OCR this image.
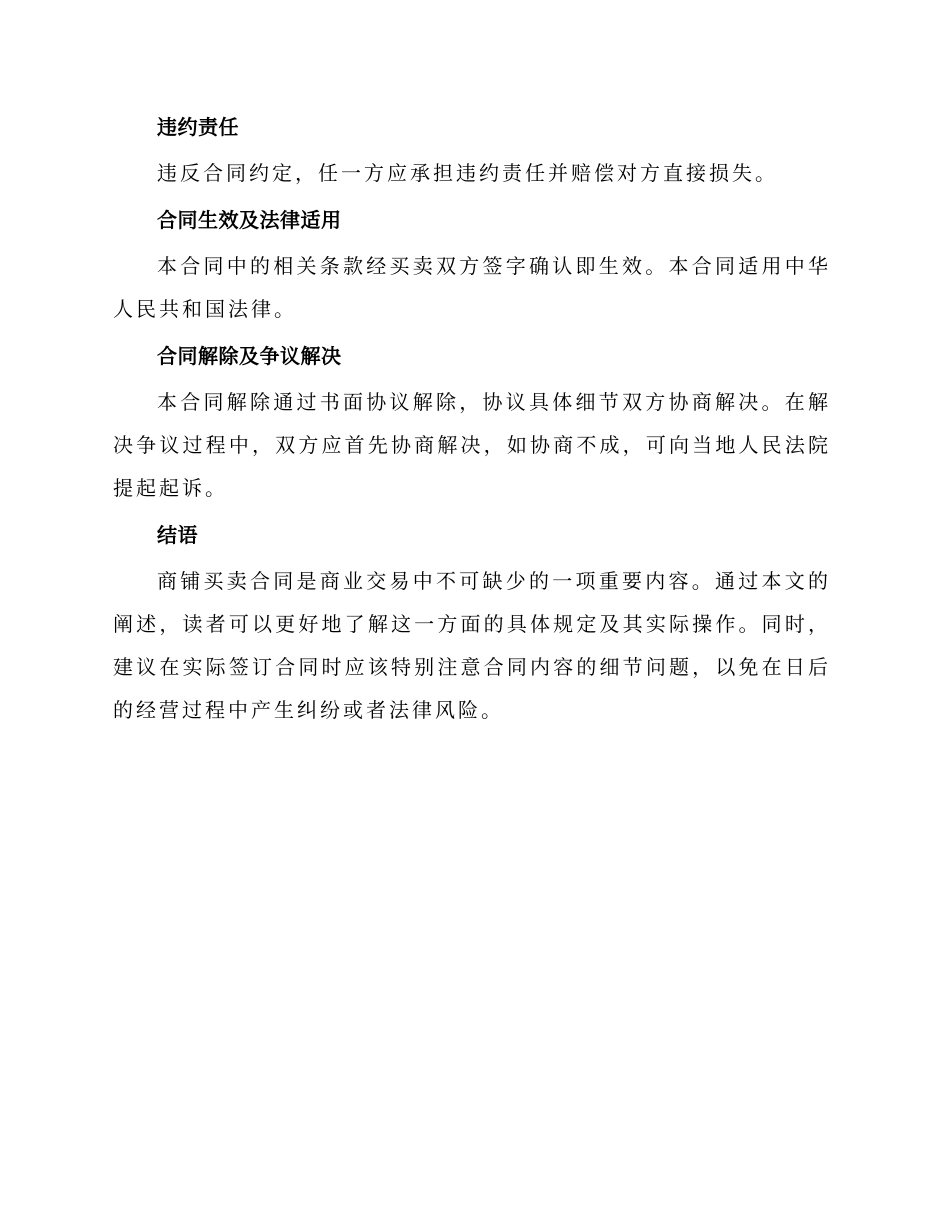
违约责任

违反合同约定，任一方应承担违约责任并赔偿对方直接损失。

合同生效及法律适用

本合同中的相关条款经买卖双方签字确认即生效。本合同适用中华人民共和国法律。

合同解除及争议解决

本合同解除通过书面协议解除，协议具体细节双方协商解决。在解决争议过程中，双方应首先协商解决，如协商不成，可向当地人民法院提起起诉。

结语

商铺买卖合同是商业交易中不可缺少的一项重要内容。通过本文的阐述，读者可以更好地了解这一方面的具体规定及其实际操作。同时，建议在实际签订合同时应该特别注意合同内容的细节问题，以免在日后的经营过程中产生纠纷或者法律风险。
